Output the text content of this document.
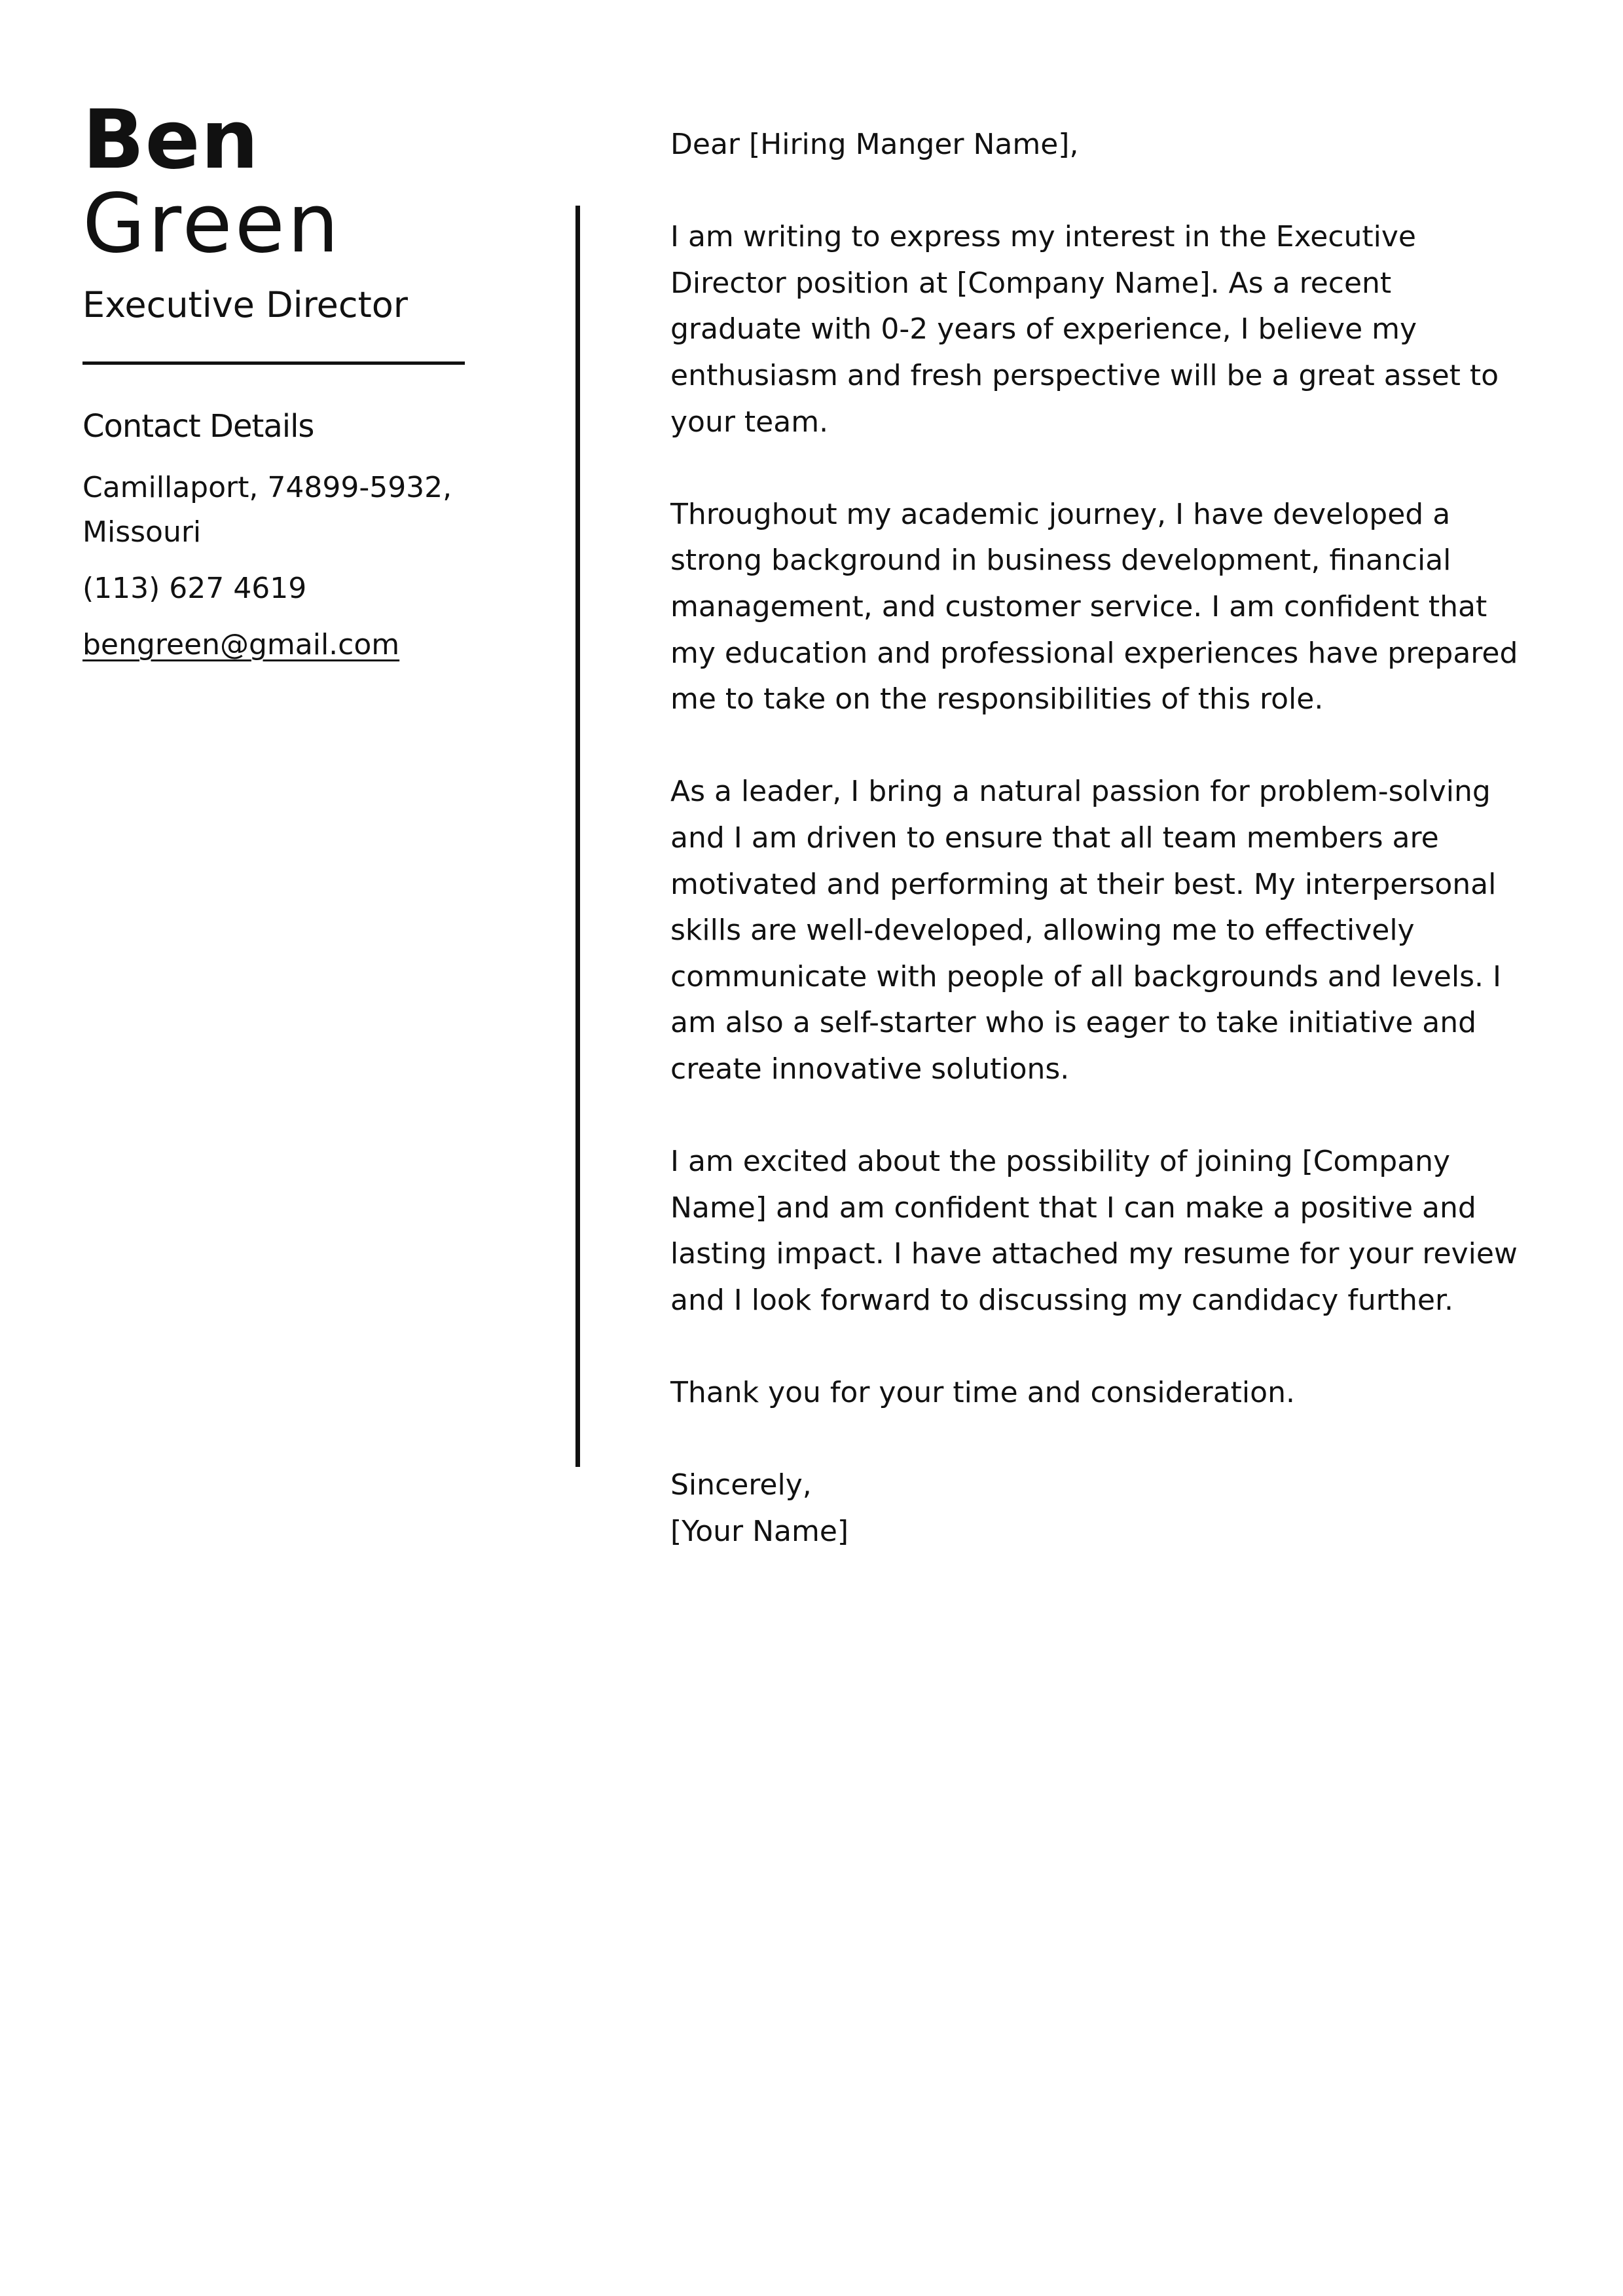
Ben
Green
Executive Director
Contact Details
Camillaport, 74899-5932,
Missouri
(113) 627 4619
bengreen@gmail.com

Dear [Hiring Manger Name],

I am writing to express my interest in the Executive Director position at [Company Name]. As a recent graduate with 0-2 years of experience, I believe my enthusiasm and fresh perspective will be a great asset to your team.

Throughout my academic journey, I have developed a strong background in business development, financial management, and customer service. I am confident that my education and professional experiences have prepared me to take on the responsibilities of this role.

As a leader, I bring a natural passion for problem-solving and I am driven to ensure that all team members are motivated and performing at their best. My interpersonal skills are well-developed, allowing me to effectively communicate with people of all backgrounds and levels. I am also a self-starter who is eager to take initiative and create innovative solutions.

I am excited about the possibility of joining [Company Name] and am confident that I can make a positive and lasting impact. I have attached my resume for your review and I look forward to discussing my candidacy further.

Thank you for your time and consideration.

Sincerely,
[Your Name]
